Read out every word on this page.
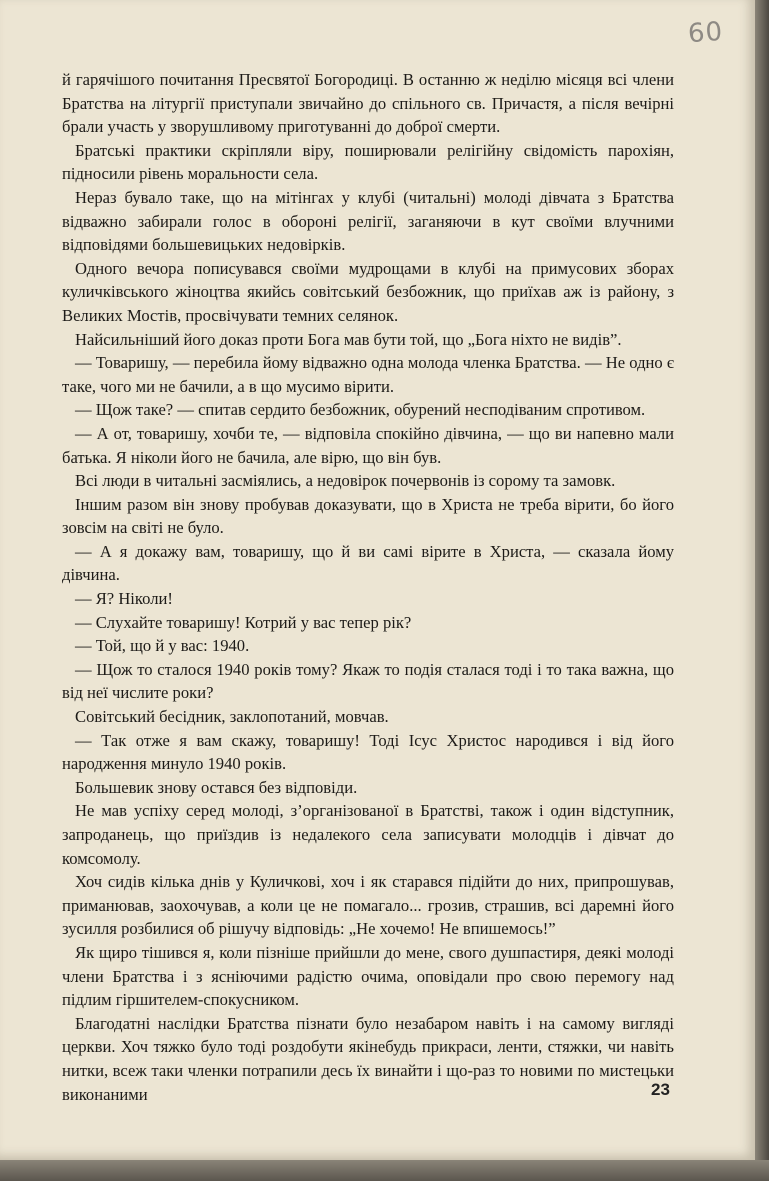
60

й гарячішого почитання Пресвятої Богородиці. В останню ж неділю місяця всі члени Братства на літургії приступали звичайно до спільного св. Причастя, а після вечірні брали участь у зворушливому приготуванні до доброї смерти.

Братські практики скріпляли віру, поширювали релігійну свідомість парохіян, підносили рівень моральности села.

Нераз бувало таке, що на мітінгах у клубі (читальні) молоді дівчата з Братства відважно забирали голос в обороні релігії, заганяючи в кут своїми влучними відповідями большевицьких недовірків.

Одного вечора пописувався своїми мудрощами в клубі на примусових зборах куличківського жіноцтва якийсь совітський безбожник, що приїхав аж із району, з Великих Мостів, просвічувати темних селянок.

Найсильніший його доказ проти Бога мав бути той, що „Бога ніхто не видів”.

— Товаришу, — перебила йому відважно одна молода членка Братства. — Не одно є таке, чого ми не бачили, а в що мусимо вірити.

— Щож таке? — спитав сердито безбожник, обурений несподіваним спротивом.

— А от, товаришу, хочби те, — відповіла спокійно дівчина, — що ви напевно мали батька. Я ніколи його не бачила, але вірю, що він був.

Всі люди в читальні засміялись, а недовірок почервонів із сорому та замовк.

Іншим разом він знову пробував доказувати, що в Христа не треба вірити, бо його зовсім на світі не було.

— А я докажу вам, товаришу, що й ви самі вірите в Христа, — сказала йому дівчина.

— Я? Ніколи!

— Слухайте товаришу! Котрий у вас тепер рік?

— Той, що й у вас: 1940.

— Щож то сталося 1940 років тому? Якаж то подія сталася тоді і то така важна, що від неї числите роки?

Совітський бесідник, заклопотаний, мовчав.

— Так отже я вам скажу, товаришу! Тоді Ісус Христос народився і від його народження минуло 1940 років.

Большевик знову остався без відповіди.

Не мав успіху серед молоді, з’організованої в Братстві, також і один відступник, запроданець, що приїздив із недалекого села записувати молодців і дівчат до комсомолу.

Хоч сидів кілька днів у Куличкові, хоч і як старався підійти до них, припрошував, приманював, заохочував, а коли це не помагало... грозив, страшив, всі даремні його зусилля розбилися об рішучу відповідь: „Не хочемо! Не впишемось!”

Як щиро тішився я, коли пізніше прийшли до мене, свого душпастиря, деякі молоді члени Братства і з ясніючими радістю очима, оповідали про свою перемогу над підлим гіршителем-спокусником.

Благодатні наслідки Братства пізнати було незабаром навіть і на самому вигляді церкви. Хоч тяжко було тоді роздобути якінебудь прикраси, ленти, стяжки, чи навіть нитки, всеж таки членки потрапили десь їх винайти і що-раз то новими по мистецьки виконаними	23
